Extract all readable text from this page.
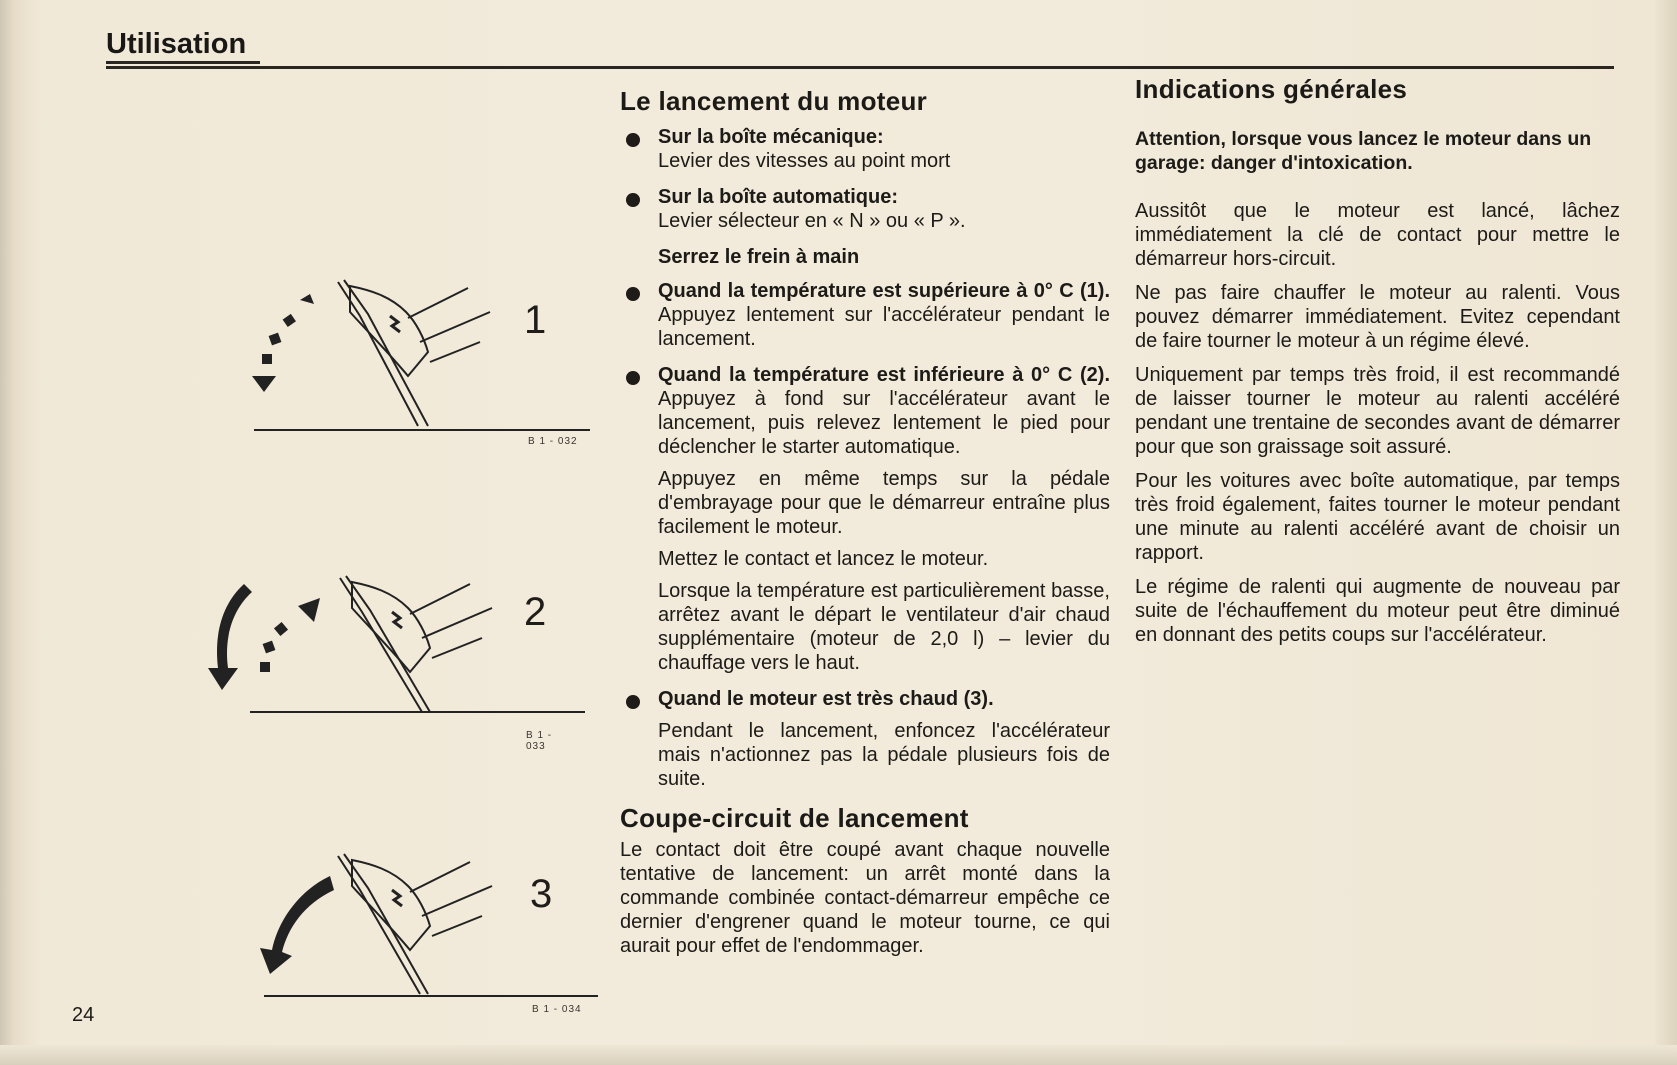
Utilisation
1
B 1 - 032
2
B 1 - 033
3
B 1 - 034
24
Le lancement du moteur
Sur la boîte mécanique:
Levier des vitesses au point mort
Sur la boîte automatique:
Levier sélecteur en « N » ou « P ».
Serrez le frein à main
Quand la température est supérieure à 0° C (1). Appuyez lentement sur l'accélérateur pendant le lancement.
Quand la température est inférieure à 0° C (2). Appuyez à fond sur l'accélérateur avant le lancement, puis relevez lentement le pied pour déclencher le starter automatique.
Appuyez en même temps sur la pédale d'embrayage pour que le démarreur entraîne plus facilement le moteur.
Mettez le contact et lancez le moteur.
Lorsque la température est particulièrement basse, arrêtez avant le départ le ventilateur d'air chaud supplémentaire (moteur de 2,0 l) – levier du chauffage vers le haut.
Quand le moteur est très chaud (3).
Pendant le lancement, enfoncez l'accélérateur mais n'actionnez pas la pédale plusieurs fois de suite.
Coupe-circuit de lancement
Le contact doit être coupé avant chaque nouvelle tentative de lancement: un arrêt monté dans la commande combinée contact-démarreur empêche ce dernier d'engrener quand le moteur tourne, ce qui aurait pour effet de l'endommager.
Indications générales
Attention, lorsque vous lancez le moteur dans un garage: danger d'intoxication.
Aussitôt que le moteur est lancé, lâchez immédiatement la clé de contact pour mettre le démarreur hors-circuit.
Ne pas faire chauffer le moteur au ralenti. Vous pouvez démarrer immédiatement. Evitez cependant de faire tourner le moteur à un régime élevé.
Uniquement par temps très froid, il est recommandé de laisser tourner le moteur au ralenti accéléré pendant une trentaine de secondes avant de démarrer pour que son graissage soit assuré.
Pour les voitures avec boîte automatique, par temps très froid également, faites tourner le moteur pendant une minute au ralenti accéléré avant de choisir un rapport.
Le régime de ralenti qui augmente de nouveau par suite de l'échauffement du moteur peut être diminué en donnant des petits coups sur l'accélérateur.
